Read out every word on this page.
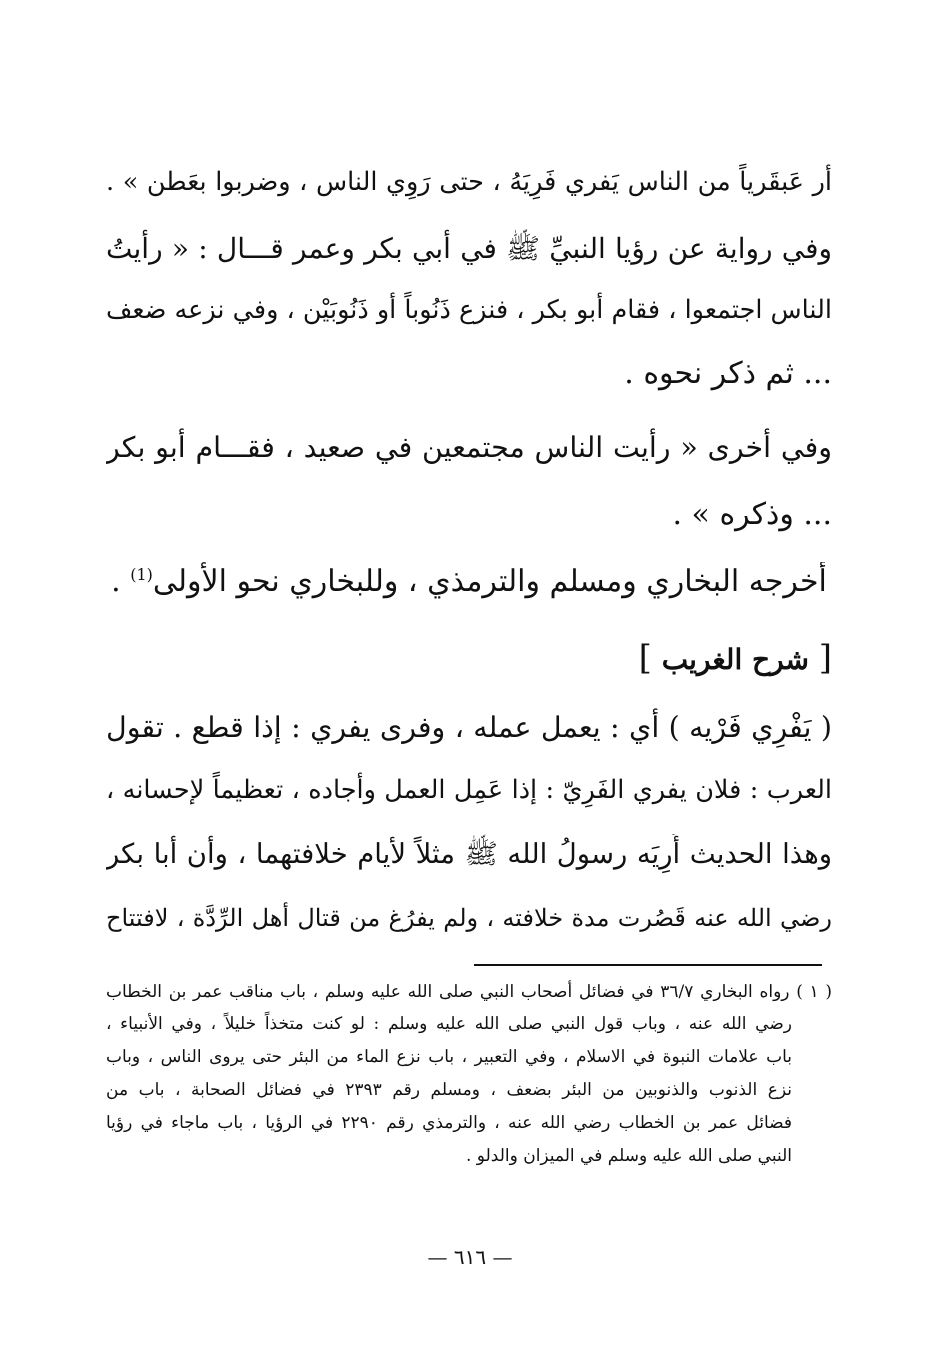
أر عَبقَرياً من الناس يَفري فَرِيَهُ ، حتى رَوِي الناس ، وضربوا بعَطن » .
وفي رواية عن رؤيا النبيِّ ﷺ في أبي بكر وعمر قـــال : « رأيتُ
الناس اجتمعوا ، فقام أبو بكر ، فنزع ذَنُوباً أو ذَنُوبَيْن ، وفي نزعه ضعف
... ثم ذكر نحوه .
وفي أخرى « رأيت الناس مجتمعين في صعيد ، فقـــام أبو بكر
... وذكره » .
أخرجه البخاري ومسلم والترمذي ، وللبخاري نحو الأولى$^{(1)}$ .
[ شرح الغريب ]
( يَفْرِي فَرْيه ) أي : يعمل عمله ، وفرى يفري : إذا قطع . تقول
العرب : فلان يفري الفَرِيّ : إذا عَمِل العمل وأجاده ، تعظيماً لإحسانه ،
وهذا الحديث أُرِيَه رسولُ الله ﷺ مثلاً لأيام خلافتهما ، وأن أبا بكر
رضي الله عنه قَصُرت مدة خلافته ، ولم يفرُغ من قتال أهل الرِّدَّة ، لافتتاح
( ١ ) رواه البخاري ٣٦/٧ في فضائل أصحاب النبي صلى الله عليه وسلم ، باب مناقب عمر بن الخطاب
رضي الله عنه ، وباب قول النبي صلى الله عليه وسلم : لو كنت متخذاً خليلاً ، وفي الأنبياء ،
باب علامات النبوة في الاسلام ، وفي التعبير ، باب نزع الماء من البئر حتى يروى الناس ، وباب
نزع الذنوب والذنوبين من البئر بضعف ، ومسلم رقم ٢٣٩٣ في فضائل الصحابة ، باب من
فضائل عمر بن الخطاب رضي الله عنه ، والترمذي رقم ٢٢٩٠ في الرؤيا ، باب ماجاء في رؤيا
النبي صلى الله عليه وسلم في الميزان والدلو .
— ٦١٦ —
